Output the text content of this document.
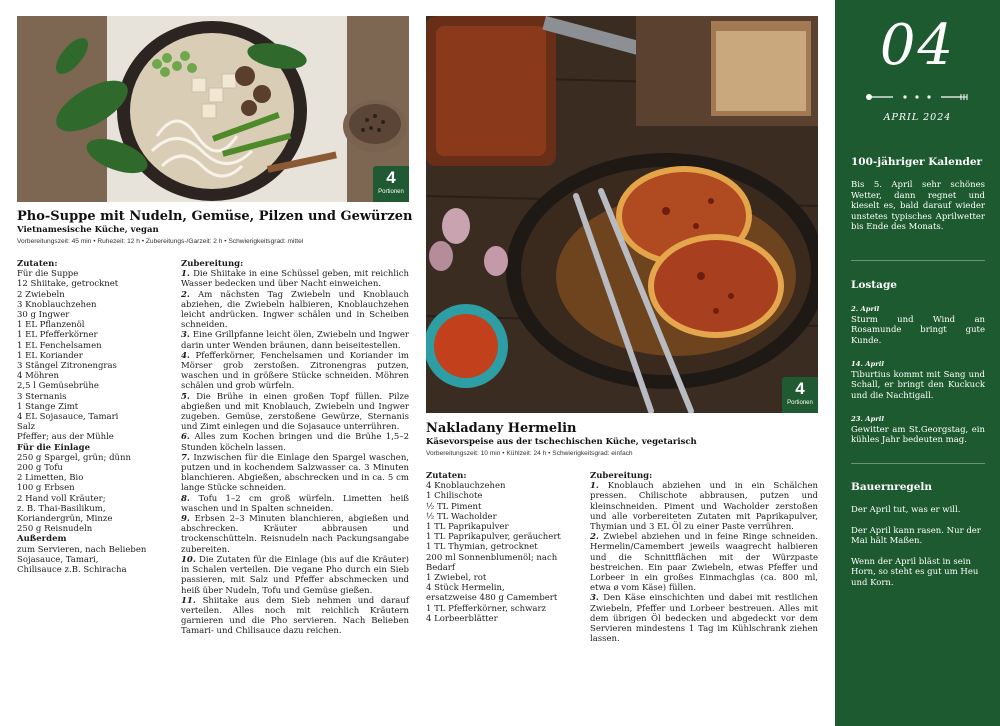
4
Portionen
4
Portionen
Pho-Suppe mit Nudeln, Gemüse, Pilzen und Gewürzen
Vietnamesische Küche, vegan
Vorbereitungszeit: 45 min • Ruhezeit: 12 h • Zubereitungs-/Garzeit: 2 h • Schwierigkeitsgrad: mittel
Zutaten:
Für die Suppe
12 Shiitake, getrocknet
2 Zwiebeln
3 Knoblauchzehen
30 g Ingwer
1 EL Pflanzenöl
1 EL Pfefferkörner
1 EL Fenchelsamen
1 EL Koriander
3 Stängel Zitronengras
4 Möhren
2,5 l Gemüsebrühe
3 Sternanis
1 Stange Zimt
4 EL Sojasauce, Tamari
Salz
Pfeffer; aus der Mühle
Für die Einlage
250 g Spargel, grün; dünn
200 g Tofu
2 Limetten, Bio
100 g Erbsen
2 Hand voll Kräuter;
z. B. Thai-Basilikum,
Koriandergrün, Minze
250 g Reisnudeln
Außerdem
zum Servieren, nach Belieben
Sojasauce, Tamari,
Chilisauce z.B. Schiracha
Zubereitung:
1. Die Shiitake in eine Schüssel geben, mit reichlich Wasser bedecken und über Nacht einweichen.
2. Am nächsten Tag Zwiebeln und Knoblauch abziehen, die Zwiebeln halbieren, Knoblauchzehen leicht andrücken. Ingwer schälen und in Scheiben schneiden.
3. Eine Grillpfanne leicht ölen, Zwiebeln und Ingwer darin unter Wenden bräunen, dann beiseitestellen.
4. Pfefferkörner, Fenchelsamen und Koriander im Mörser grob zerstoßen. Zitronengras putzen, waschen und in größere Stücke schneiden. Möhren schälen und grob würfeln.
5. Die Brühe in einen großen Topf füllen. Pilze abgießen und mit Knoblauch, Zwiebeln und Ingwer zugeben. Gemüse, zerstoßene Gewürze, Sternanis und Zimt einlegen und die Sojasauce unterrühren.
6. Alles zum Kochen bringen und die Brühe 1,5–2 Stunden köcheln lassen.
7. Inzwischen für die Einlage den Spargel waschen, putzen und in kochendem Salzwasser ca. 3 Minuten blanchieren. Abgießen, abschrecken und in ca. 5 cm lange Stücke schneiden.
8. Tofu 1–2 cm groß würfeln. Limetten heiß waschen und in Spalten schneiden.
9. Erbsen 2–3 Minuten blanchieren, abgießen und abschrecken. Kräuter abbrausen und trockenschütteln. Reisnudeln nach Packungsangabe zubereiten.
10. Die Zutaten für die Einlage (bis auf die Kräuter) in Schalen verteilen. Die vegane Pho durch ein Sieb passieren, mit Salz und Pfeffer abschmecken und heiß über Nudeln, Tofu und Gemüse gießen.
11. Shiitake aus dem Sieb nehmen und darauf verteilen. Alles noch mit reichlich Kräutern garnieren und die Pho servieren. Nach Belieben Tamari- und Chilisauce dazu reichen.
Nakladany Hermelin
Käsevorspeise aus der tschechischen Küche, vegetarisch
Vorbereitungszeit: 10 min • Kühlzeit: 24 h • Schwierigkeitsgrad: einfach
Zutaten:
4 Knoblauchzehen
1 Chilischote
½ TL Piment
½ TL Wacholder
1 TL Paprikapulver
1 TL Paprikapulver, geräuchert
1 TL Thymian, getrocknet
200 ml Sonnenblumenöl; nach Bedarf
1 Zwiebel, rot
4 Stück Hermelin,
ersatzweise 480 g Camembert
1 TL Pfefferkörner, schwarz
4 Lorbeerblätter
Zubereitung:
1. Knoblauch abziehen und in ein Schälchen pressen. Chilischote abbrausen, putzen und kleinschneiden. Piment und Wacholder zerstoßen und alle vorbereiteten Zutaten mit Paprikapulver, Thymian und 3 EL Öl zu einer Paste verrühren.
2. Zwiebel abziehen und in feine Ringe schneiden. Hermelin/Camembert jeweils waagrecht halbieren und die Schnittflächen mit der Würzpaste bestreichen. Ein paar Zwiebeln, etwas Pfeffer und Lorbeer in ein großes Einmachglas (ca. 800 ml, etwa ø vom Käse) füllen.
3. Den Käse einschichten und dabei mit restlichen Zwiebeln, Pfeffer und Lorbeer bestreuen. Alles mit dem übrigen Öl bedecken und abgedeckt vor dem Servieren mindestens 1 Tag im Kühlschrank ziehen lassen.
04
APRIL 2024
100-jähriger Kalender
Bis 5. April sehr schönes Wetter, dann regnet und kieselt es, bald darauf wieder unstetes typisches Aprilwetter bis Ende des Monats.
Lostage
2. April
Sturm und Wind an Rosamunde bringt gute Kunde.
14. April
Tiburtius kommt mit Sang und Schall, er bringt den Kuckuck und die Nachtigall.
23. April
Gewitter am St.Georgstag, ein kühles Jahr bedeuten mag.
Bauernregeln
Der April tut, was er will.
Der April kann rasen. Nur der Mai hält Maßen.
Wenn der April bläst in sein Horn, so steht es gut um Heu und Korn.
